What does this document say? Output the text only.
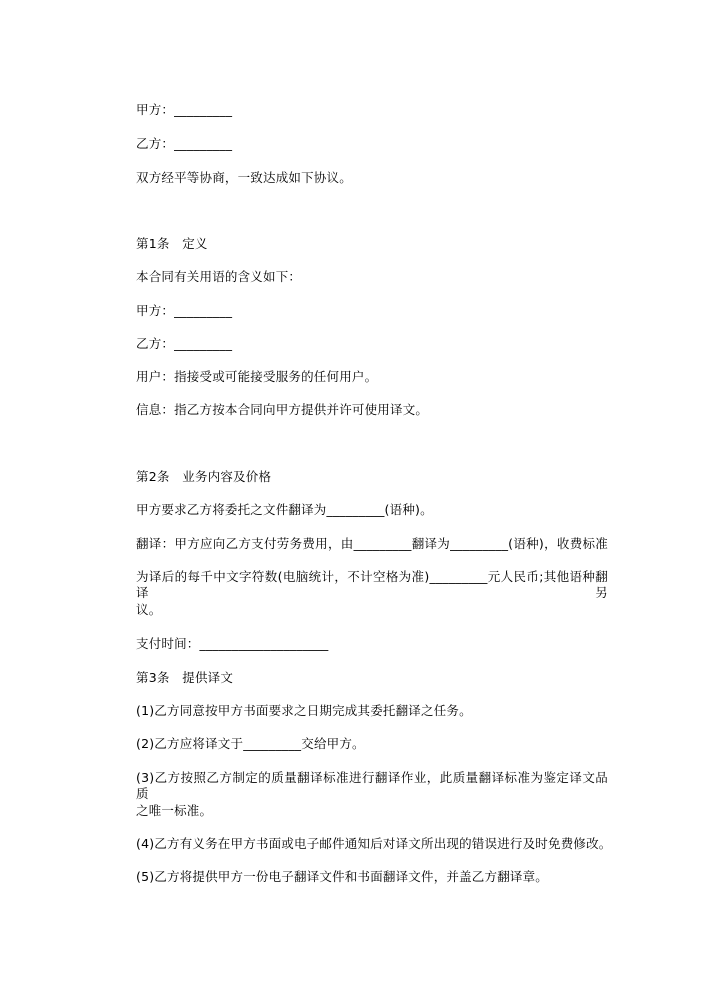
甲方：_________
乙方：_________
双方经平等协商，一致达成如下协议。
第1条　定义
本合同有关用语的含义如下：
甲方：_________
乙方：_________
用户：指接受或可能接受服务的任何用户。
信息：指乙方按本合同向甲方提供并许可使用译文。
第2条　业务内容及价格
甲方要求乙方将委托之文件翻译为_________(语种)。
翻译：甲方应向乙方支付劳务费用，由_________翻译为_________(语种)，收费标准
为译后的每千中文字符数(电脑统计，不计空格为准)_________元人民币;其他语种翻译另
议。
支付时间：____________________
第3条　提供译文
(1)乙方同意按甲方书面要求之日期完成其委托翻译之任务。
(2)乙方应将译文于_________交给甲方。
(3)乙方按照乙方制定的质量翻译标准进行翻译作业，此质量翻译标准为鉴定译文品质
之唯一标准。
(4)乙方有义务在甲方书面或电子邮件通知后对译文所出现的错误进行及时免费修改。
(5)乙方将提供甲方一份电子翻译文件和书面翻译文件，并盖乙方翻译章。
